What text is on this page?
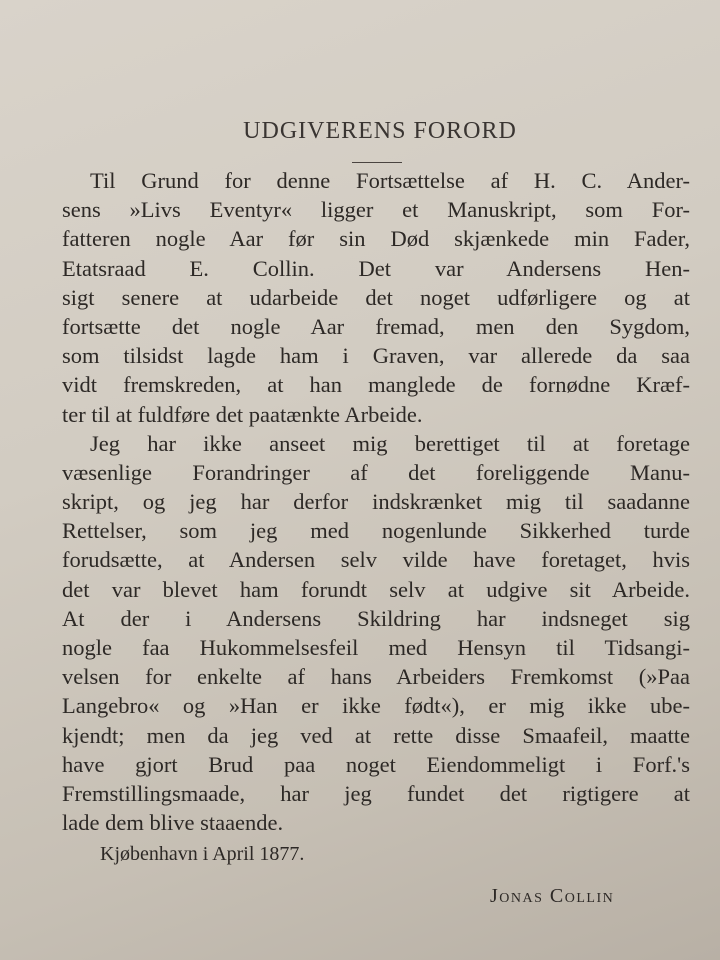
UDGIVERENS FORORD
Til Grund for denne Fortsættelse af H. C. Ander-
sens »Livs Eventyr« ligger et Manuskript, som For-
fatteren nogle Aar før sin Død skjænkede min Fader,
Etatsraad E. Collin. Det var Andersens Hen-
sigt senere at udarbeide det noget udførligere og at
fortsætte det nogle Aar fremad, men den Sygdom,
som tilsidst lagde ham i Graven, var allerede da saa
vidt fremskreden, at han manglede de fornødne Kræf-
ter til at fuldføre det paatænkte Arbeide.
Jeg har ikke anseet mig berettiget til at foretage
væsenlige Forandringer af det foreliggende Manu-
skript, og jeg har derfor indskrænket mig til saadanne
Rettelser, som jeg med nogenlunde Sikkerhed turde
forudsætte, at Andersen selv vilde have foretaget, hvis
det var blevet ham forundt selv at udgive sit Arbeide.
At der i Andersens Skildring har indsneget sig
nogle faa Hukommelsesfeil med Hensyn til Tidsangi-
velsen for enkelte af hans Arbeiders Fremkomst (»Paa
Langebro« og »Han er ikke født«), er mig ikke ube-
kjendt; men da jeg ved at rette disse Smaafeil, maatte
have gjort Brud paa noget Eiendommeligt i Forf.'s
Fremstillingsmaade, har jeg fundet det rigtigere at
lade dem blive staaende.
Kjøbenhavn i April 1877.
Jonas Collin
